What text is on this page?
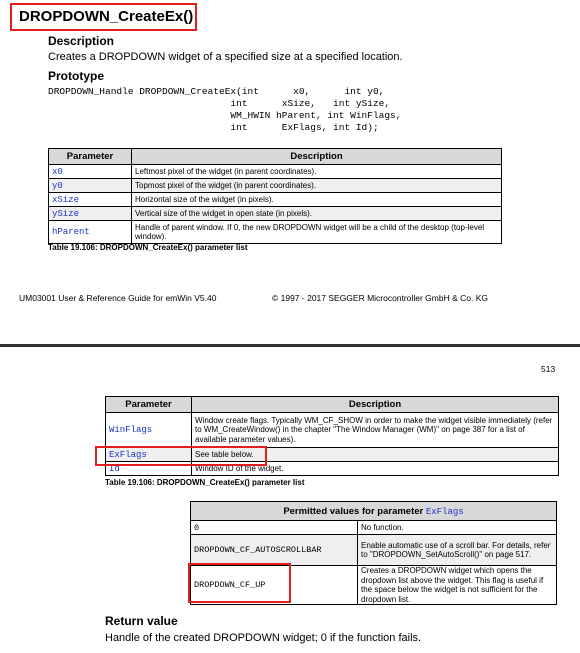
DROPDOWN_CreateEx()
Description
Creates a DROPDOWN widget of a specified size at a specified location.
Prototype
DROPDOWN_Handle DROPDOWN_CreateEx(int      x0,      int y0,
int      xSize,   int ySize,
WM_HWIN hParent, int WinFlags,
int      ExFlags, int Id);
Parameter	Description
x0	Leftmost pixel of the widget (in parent coordinates).
y0	Topmost pixel of the widget (in parent coordinates).
xSize	Horizontal size of the widget (in pixels).
ySize	Vertical size of the widget in open state (in pixels).
hParent	Handle of parent window. If 0, the new DROPDOWN widget will be a child of the desktop (top-level window).
Table 19.106: DROPDOWN_CreateEx() parameter list
UM03001 User & Reference Guide for emWin V5.40	© 1997 - 2017 SEGGER Microcontroller GmbH & Co. KG
513
Parameter	Description
WinFlags	Window create flags. Typically WM_CF_SHOW in order to make the widget visible immediately (refer to WM_CreateWindow() in the chapter "The Window Manager (WM)" on page 387 for a list of available parameter values).
ExFlags	See table below.
Id	Window ID of the widget.
Table 19.106: DROPDOWN_CreateEx() parameter list
Permitted values for parameter ExFlags	
0	No function.
DROPDOWN_CF_AUTOSCROLLBAR	Enable automatic use of a scroll bar. For details, refer to "DROPDOWN_SetAutoScroll()" on page 517.
DROPDOWN_CF_UP	Creates a DROPDOWN widget which opens the dropdown list above the widget. This flag is useful if the space below the widget is not sufficient for the dropdown list.
Return value
Handle of the created DROPDOWN widget; 0 if the function fails.
